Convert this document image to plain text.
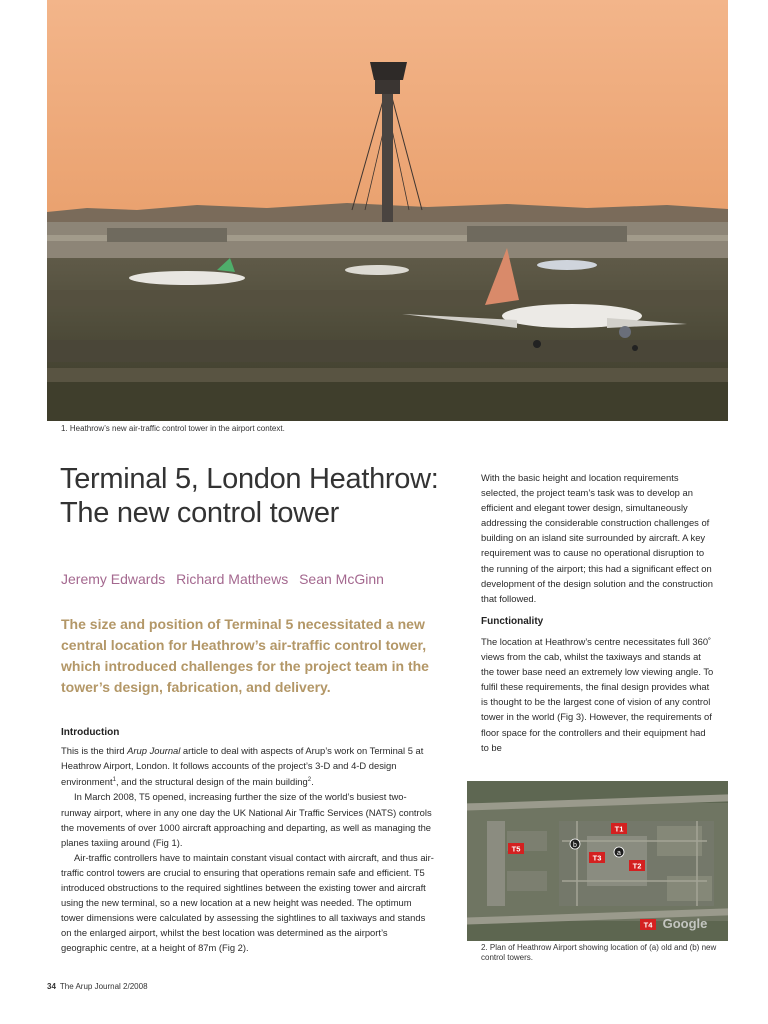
1. Heathrow’s new air-traffic control tower in the airport context.
Terminal 5, London Heathrow:
The new control tower
Jeremy Edwards Richard Matthews Sean McGinn
The size and position of Terminal 5 necessitated a new central location for Heathrow’s air-traffic control tower, which introduced challenges for the project team in the tower’s design, fabrication, and delivery.
Introduction

This is the third Arup Journal article to deal with aspects of Arup’s work on Terminal 5 at Heathrow Airport, London. It follows accounts of the project’s 3-D and 4-D design environment$^1$, and the structural design of the main building$^2$.

In March 2008, T5 opened, increasing further the size of the world’s busiest two-runway airport, where in any one day the UK National Air Traffic Services (NATS) controls the movements of over 1000 aircraft approaching and departing, as well as managing the planes taxiing around (Fig 1).

Air-traffic controllers have to maintain constant visual contact with aircraft, and thus air-traffic control towers are crucial to ensuring that operations remain safe and efficient. T5 introduced obstructions to the required sightlines between the existing tower and aircraft using the new terminal, so a new location at a new height was needed. The optimum tower dimensions were calculated by assessing the sightlines to all taxiways and stands on the enlarged airport, whilst the best location was determined as the airport’s geographic centre, at a height of 87m (Fig 2).

With the basic height and location requirements selected, the project team’s task was to develop an efficient and elegant tower design, simultaneously addressing the considerable construction challenges of building on an island site surrounded by aircraft. A key requirement was to cause no operational disruption to the running of the airport; this had a significant effect on development of the design solution and the construction that followed.

Functionality

The location at Heathrow’s centre necessitates full 360˚ views from the cab, whilst the taxiways and stands at the tower base need an extremely low viewing angle. To fulfil these requirements, the final design provides what is thought to be the largest cone of vision of any control tower in the world (Fig 3). However, the requirements of floor space for the controllers and their equipment had to be

b
a
T1
T2
T3
T5
T4 Google
2. Plan of Heathrow Airport showing location of (a) old and (b) new control towers.
34 The Arup Journal 2/2008
